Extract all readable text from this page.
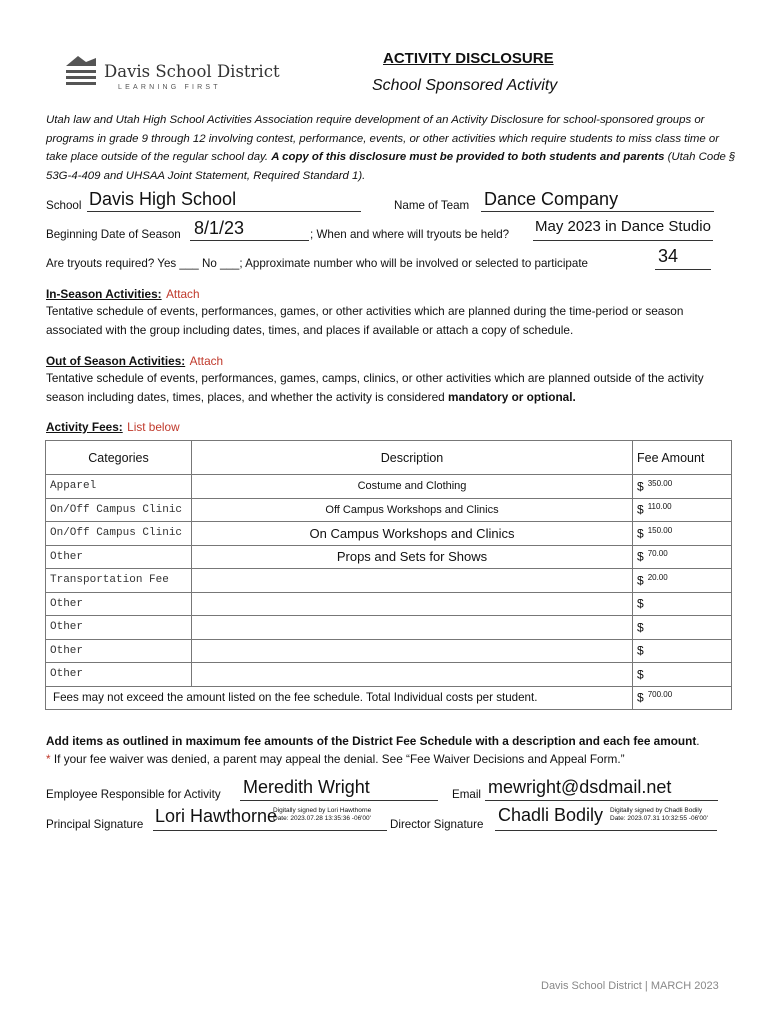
Davis School District
LEARNING FIRST
ACTIVITY DISCLOSURE
School Sponsored Activity
Utah law and Utah High School Activities Association require development of an Activity Disclosure for school-sponsored groups or programs in grade 9 through 12 involving contest, performance, events, or other activities which require students to miss class time or take place outside of the regular school day. A copy of this disclosure must be provided to both students and parents (Utah Code § 53G-4-409 and UHSAA Joint Statement, Required Standard 1).
School Davis High School	Name of Team Dance Company
Beginning Date of Season 8/1/23	; When and where will tryouts be held? May 2023 in Dance Studio
Are tryouts required? Yes ___ No ___; Approximate number who will be involved or selected to participate	34
In-Season Activities: Attach
Tentative schedule of events, performances, games, or other activities which are planned during the time-period or season associated with the group including dates, times, and places if available or attach a copy of schedule.
Out of Season Activities: Attach
Tentative schedule of events, performances, games, camps, clinics, or other activities which are planned outside of the activity season including dates, times, places, and whether the activity is considered mandatory or optional.
Activity Fees: List below
Categories	Description	Fee Amount
Apparel	Costume and Clothing	$ $^{350.00}$
On/Off Campus Clinic	Off Campus Workshops and Clinics	$ $^{110.00}$
On/Off Campus Clinic	On Campus Workshops and Clinics	$ $^{150.00}$
Other	Props and Sets for Shows	$ $^{70.00}$
Transportation Fee		$ $^{20.00}$
Other		$
Other		$
Other		$
Other		$
Fees may not exceed the amount listed on the fee schedule. Total Individual costs per student.		$ $^{700.00}$
Add items as outlined in maximum fee amounts of the District Fee Schedule with a description and each fee amount.
* If your fee waiver was denied, a parent may appeal the denial. See “Fee Waiver Decisions and Appeal Form.”
Employee Responsible for Activity Meredith Wright	Email mewright@dsdmail.net
Principal Signature Lori Hawthorne
Digitally signed by Lori Hawthorne
Date: 2023.07.28 13:35:36 -06'00' Director Signature Chadli Bodily Digitally signed by Chadli Bodily
Date: 2023.07.31 10:32:55 -06'00'
Davis School District | MARCH 2023
